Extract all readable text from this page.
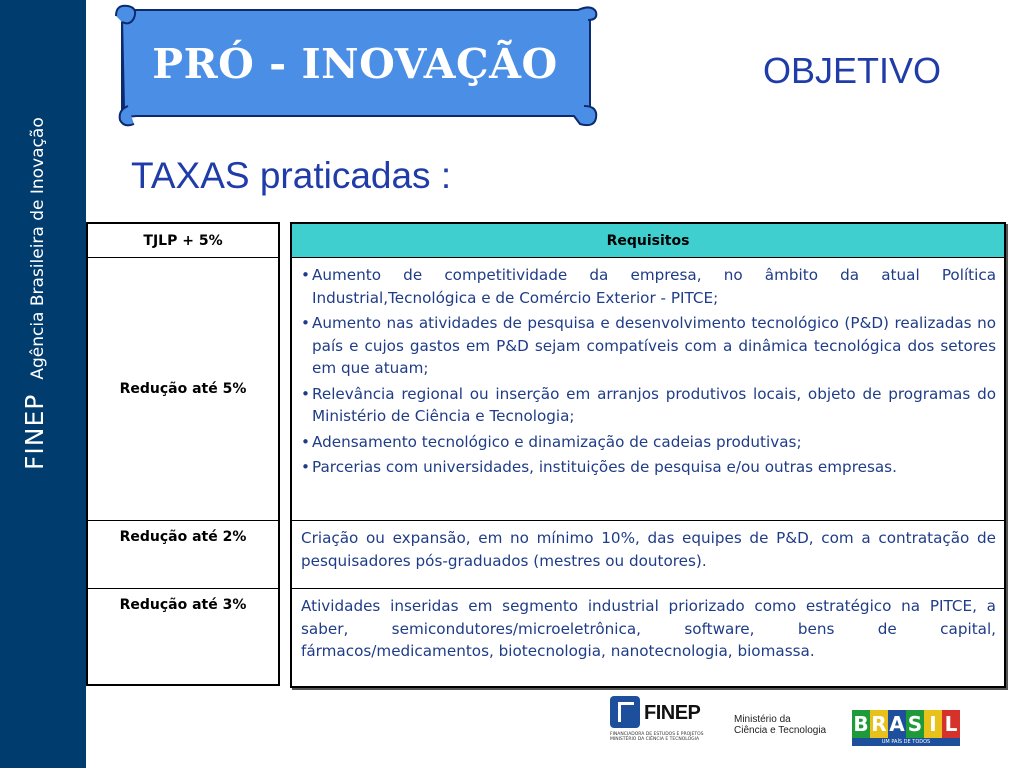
FINEP
Agência Brasileira de Inovação
PRÓ - INOVAÇÃO	OBJETIVO
TAXAS praticadas :
TJLP + 5%
Redução até 5%
Redução até 2%
Redução até 3%
Requisitos
• Aumento de competitividade da empresa, no âmbito da atual Política Industrial,Tecnológica e de Comércio Exterior - PITCE;
• Aumento nas atividades de pesquisa e desenvolvimento tecnológico (P&D) realizadas no país e cujos gastos em P&D sejam compatíveis com a dinâmica tecnológica dos setores em que atuam;
• Relevância regional ou inserção em arranjos produtivos locais, objeto de programas do Ministério de Ciência e Tecnologia;
• Adensamento tecnológico e dinamização de cadeias produtivas;
• Parcerias com universidades, instituições de pesquisa e/ou outras empresas.
Criação ou expansão, em no mínimo 10%, das equipes de P&D, com a contratação de pesquisadores pós-graduados (mestres ou doutores).
Atividades inseridas em segmento industrial priorizado como estratégico na PITCE, a saber, semicondutores/microeletrônica, software, bens de capital, fármacos/medicamentos, biotecnologia, nanotecnologia, biomassa.
FINEP
FINANCIADORA DE ESTUDOS E PROJETOS MINISTÉRIO DA CIÊNCIA E TECNOLOGIA
Ministério da
Ciência e Tecnologia B R A S I L
UM PAÍS DE TODOS
